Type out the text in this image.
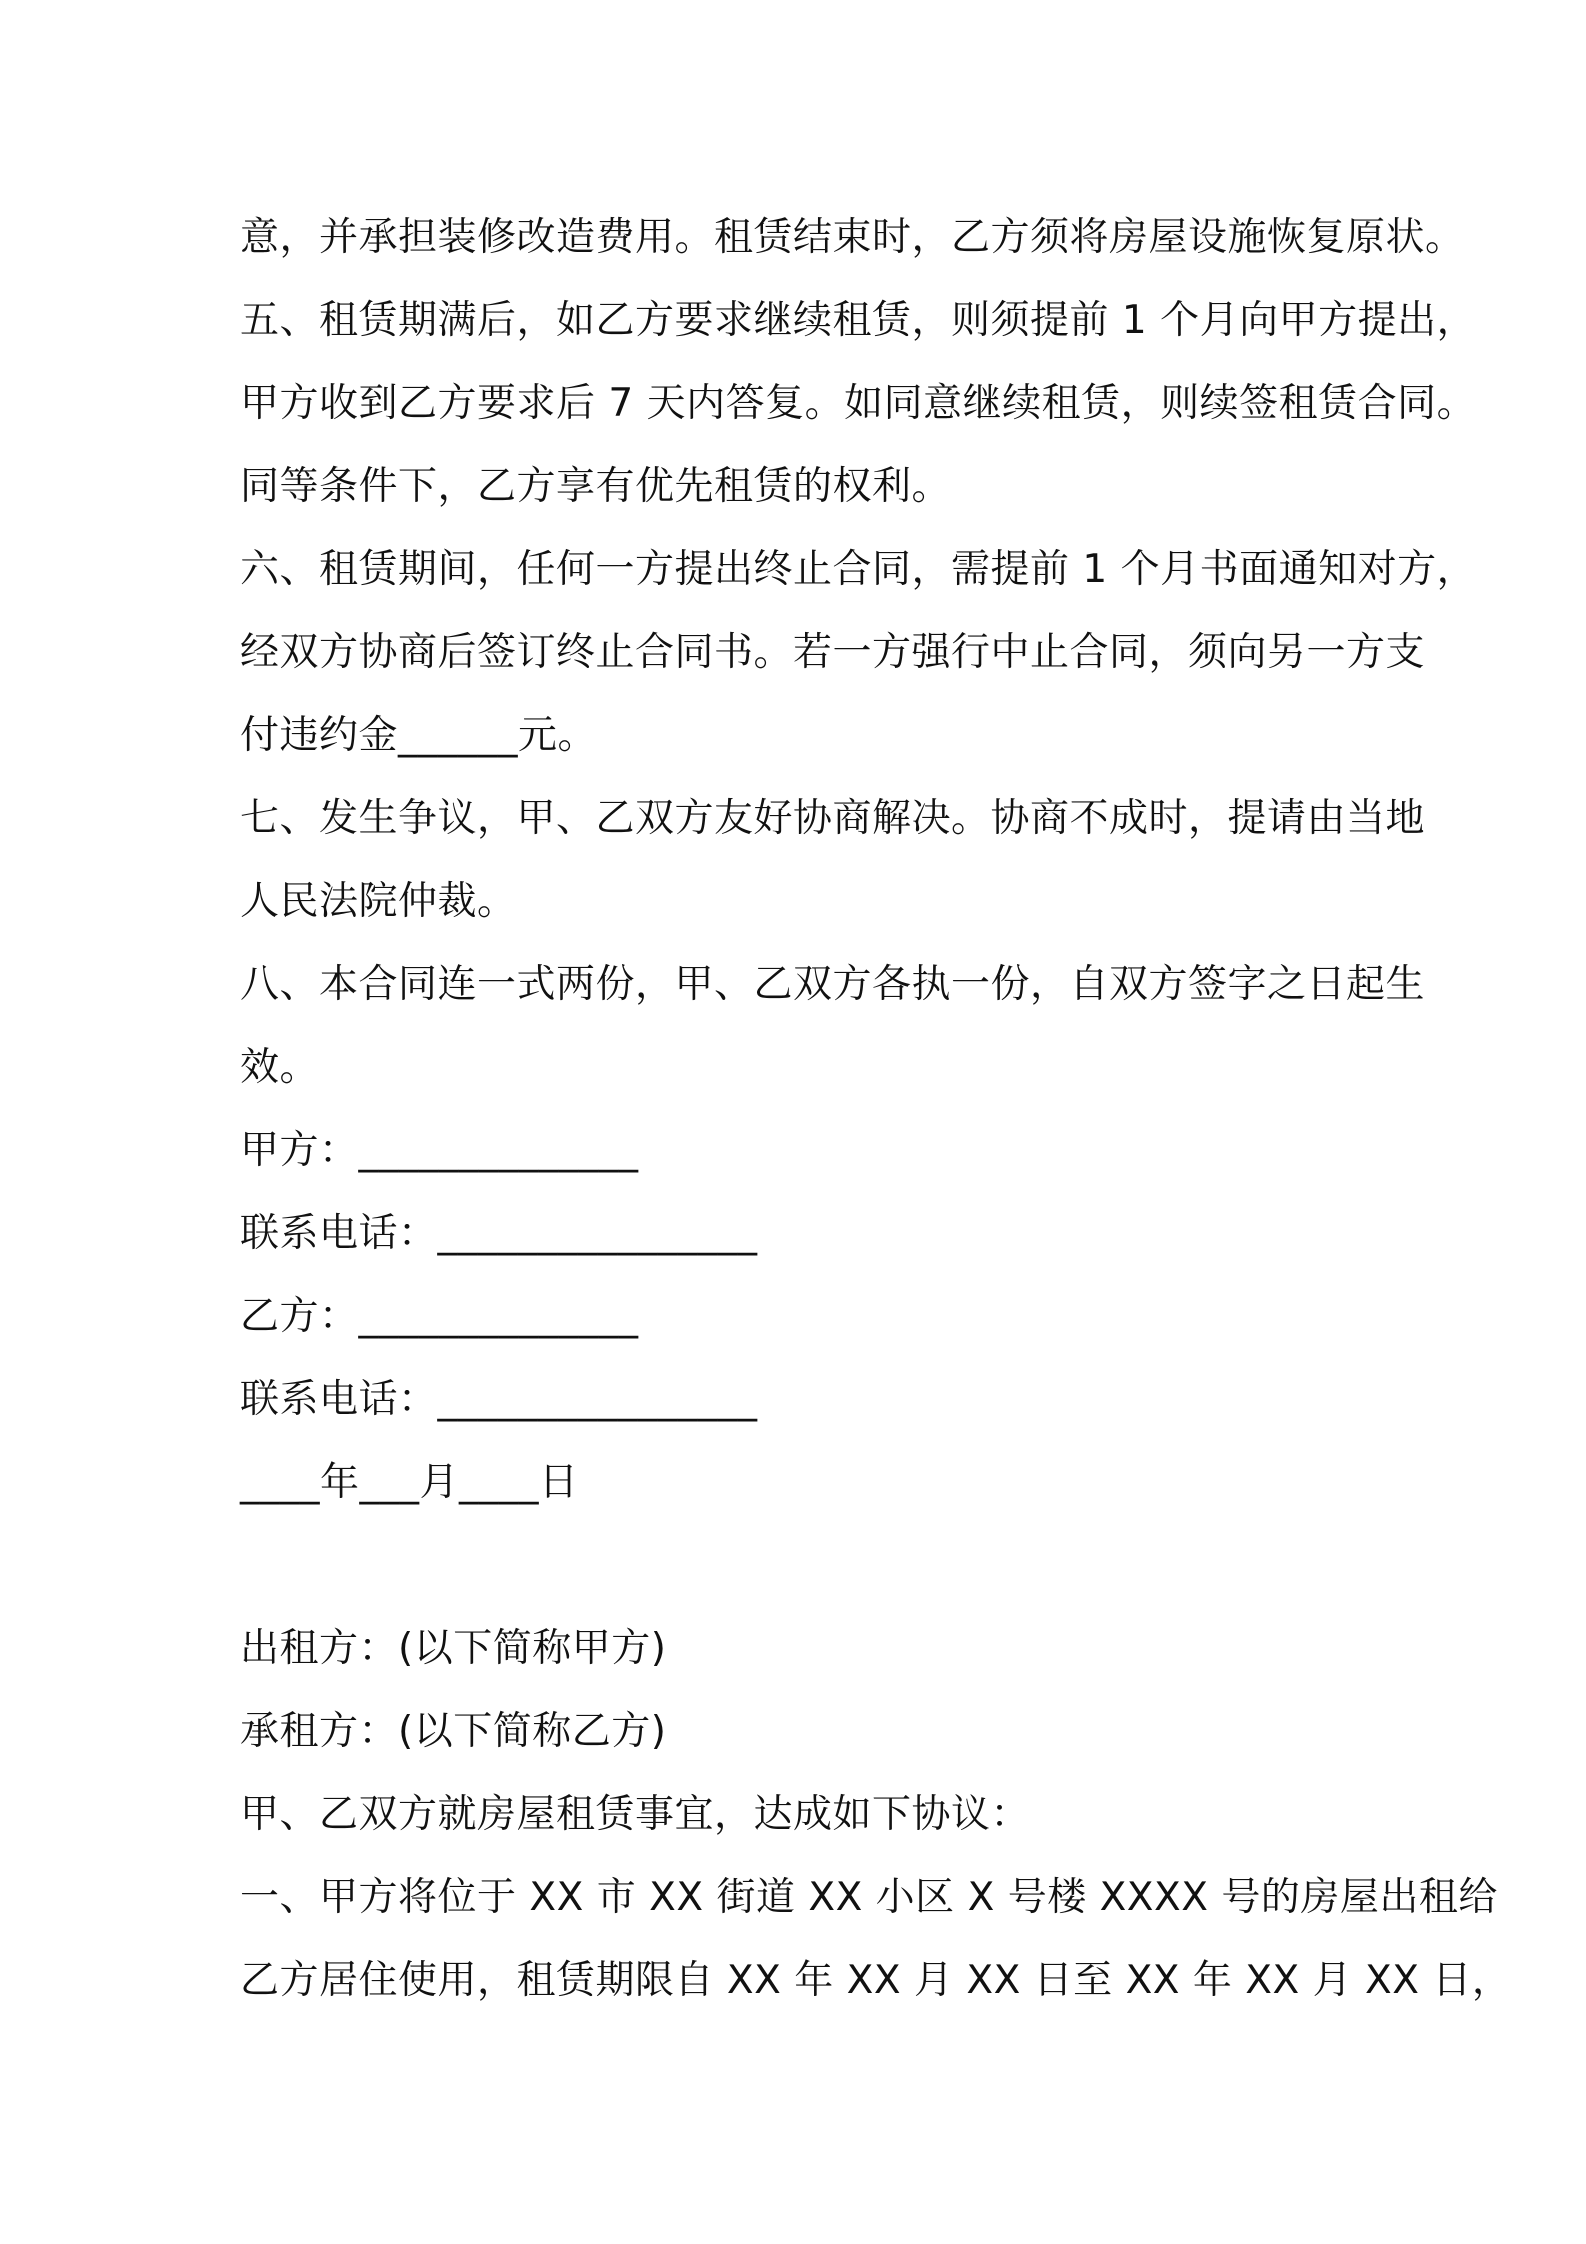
意，并承担装修改造费用。租赁结束时，乙方须将房屋设施恢复原状。
五、租赁期满后，如乙方要求继续租赁，则须提前 1 个月向甲方提出，
甲方收到乙方要求后 7 天内答复。如同意继续租赁，则续签租赁合同。
同等条件下，乙方享有优先租赁的权利。
六、租赁期间，任何一方提出终止合同，需提前 1 个月书面通知对方，
经双方协商后签订终止合同书。若一方强行中止合同，须向另一方支
付违约金______元。
七、发生争议，甲、乙双方友好协商解决。协商不成时，提请由当地
人民法院仲裁。
八、本合同连一式两份，甲、乙双方各执一份，自双方签字之日起生
效。
甲方：______________
联系电话：________________
乙方：______________
联系电话：________________
____年___月____日
出租方：(以下简称甲方)
承租方：(以下简称乙方)
甲、乙双方就房屋租赁事宜，达成如下协议：
一、甲方将位于 XX 市 XX 街道 XX 小区 X 号楼 XXXX 号的房屋出租给
乙方居住使用，租赁期限自 XX 年 XX 月 XX 日至 XX 年 XX 月 XX 日，
